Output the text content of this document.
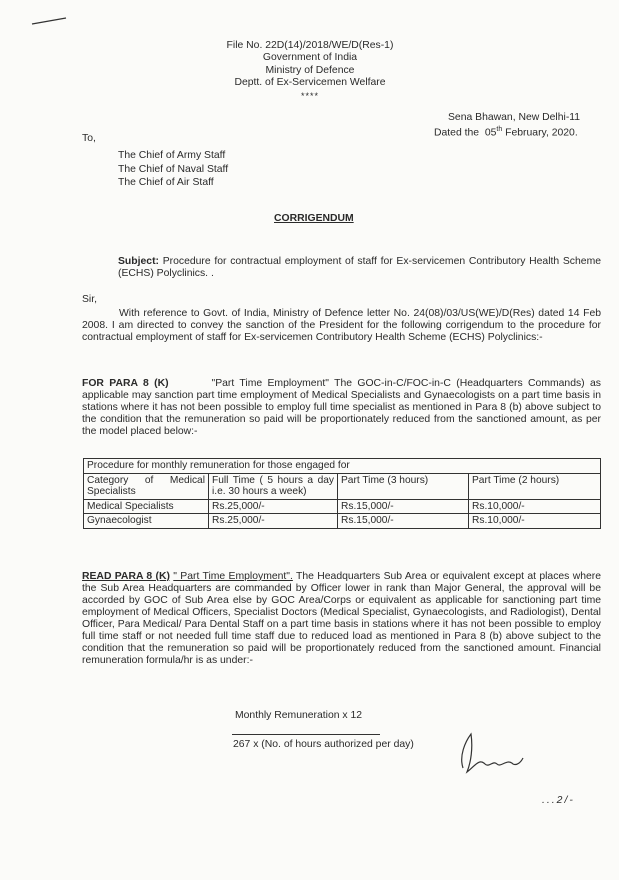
File No. 22D(14)/2018/WE/D(Res-1)
Government of India
Ministry of Defence
Deptt. of Ex-Servicemen Welfare
****
Sena Bhawan, New Delhi-11
Dated the 05th February, 2020.
To,
The Chief of Army Staff
The Chief of Naval Staff
The Chief of Air Staff
CORRIGENDUM
Subject: Procedure for contractual employment of staff for Ex-servicemen Contributory Health Scheme (ECHS) Polyclinics. .
Sir,
With reference to Govt. of India, Ministry of Defence letter No. 24(08)/03/US(WE)/D(Res) dated 14 Feb 2008. I am directed to convey the sanction of the President for the following corrigendum to the procedure for contractual employment of staff for Ex-servicemen Contributory Health Scheme (ECHS) Polyclinics:-
FOR PARA 8 (K)	"Part Time Employment" The GOC-in-C/FOC-in-C (Headquarters Commands) as applicable may sanction part time employment of Medical Specialists and Gynaecologists on a part time basis in stations where it has not been possible to employ full time specialist as mentioned in Para 8 (b) above subject to the condition that the remuneration so paid will be proportionately reduced from the sanctioned amount, as per the model placed below:-
Procedure for monthly remuneration for those engaged for			
Category of Medical Specialists	Full Time ( 5 hours a day i.e. 30 hours a week)	Part Time (3 hours)	Part Time (2 hours)
Medical Specialists	Rs.25,000/-	Rs.15,000/-	Rs.10,000/-
Gynaecologist	Rs.25,000/-	Rs.15,000/-	Rs.10,000/-
READ PARA 8 (K) " Part Time Employment". The Headquarters Sub Area or equivalent except at places where the Sub Area Headquarters are commanded by Officer lower in rank than Major General, the approval will be accorded by GOC of Sub Area else by GOC Area/Corps or equivalent as applicable for sanctioning part time employment of Medical Officers, Specialist Doctors (Medical Specialist, Gynaecologists, and Radiologist), Dental Officer, Para Medical/ Para Dental Staff on a part time basis in stations where it has not been possible to employ full time staff or not needed full time staff due to reduced load as mentioned in Para 8 (b) above subject to the condition that the remuneration so paid will be proportionately reduced from the sanctioned amount. Financial remuneration formula/hr is as under:-
Monthly Remuneration x 12
267 x (No. of hours authorized per day)
...2/-
